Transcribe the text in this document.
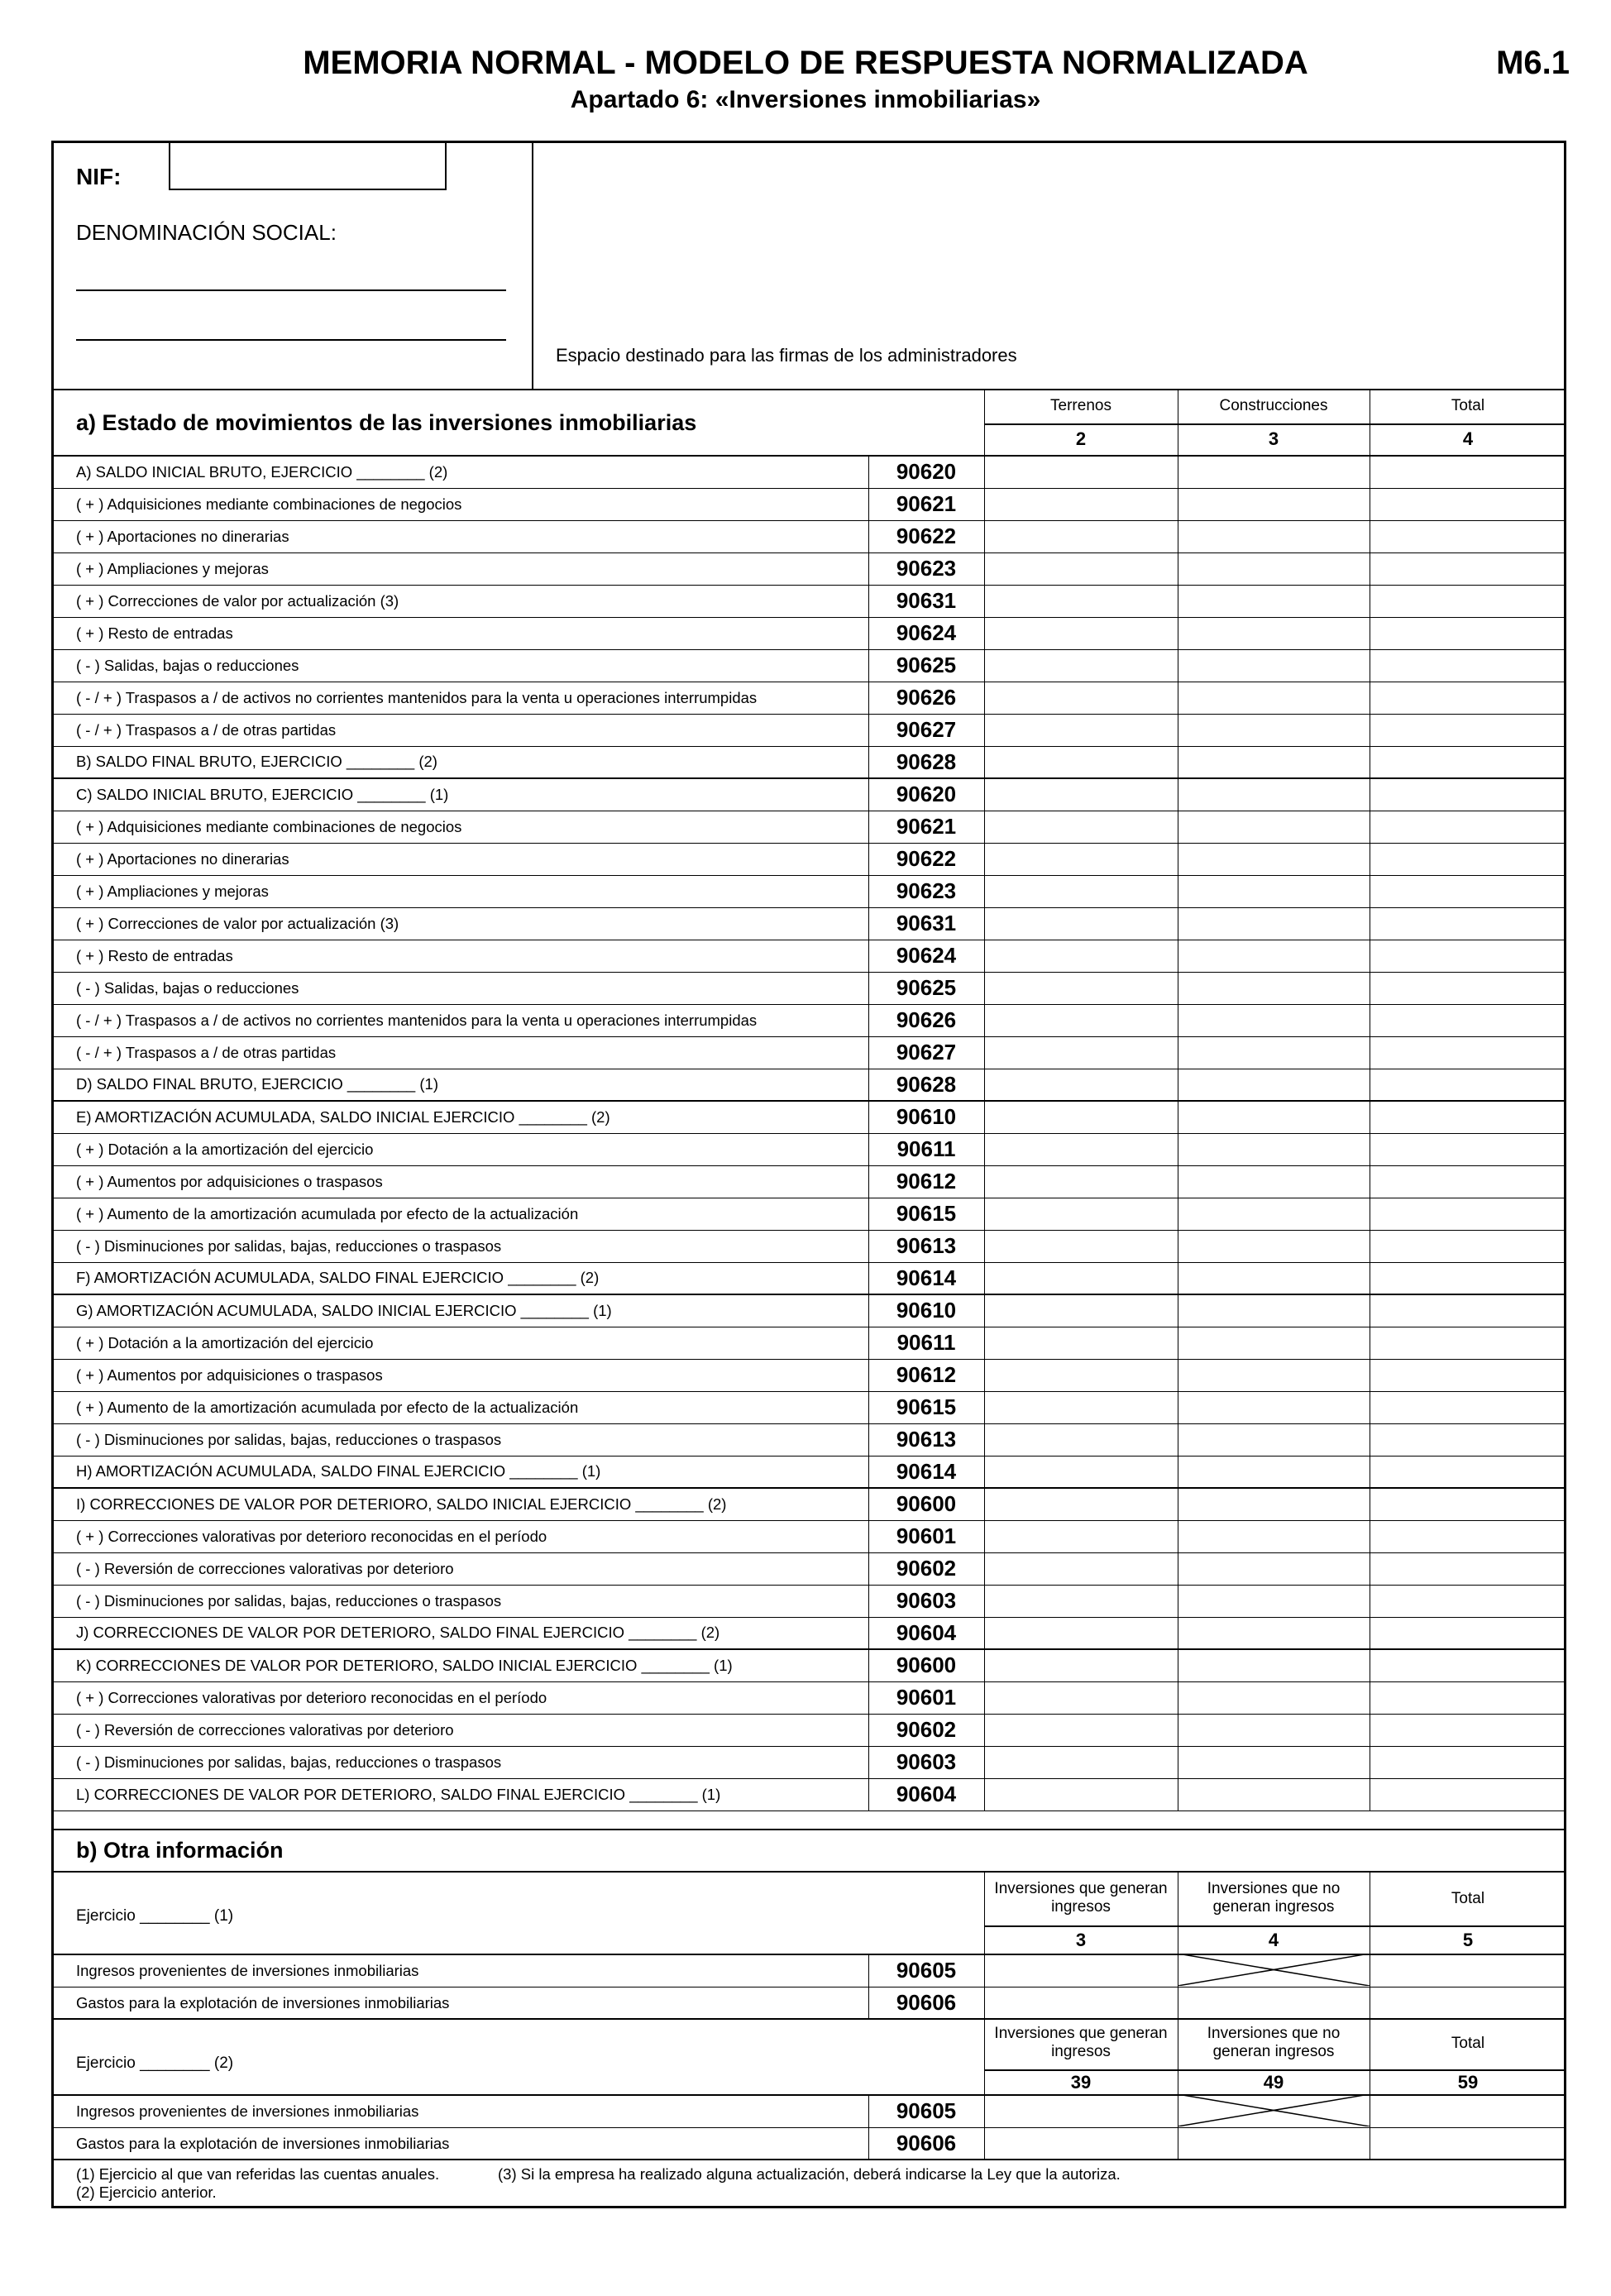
MEMORIA NORMAL - MODELO DE RESPUESTA NORMALIZADA
Apartado 6: «Inversiones inmobiliarias»
M6.1
NIF:
DENOMINACIÓN SOCIAL:
Espacio destinado para las firmas de los administradores
a) Estado de movimientos de las inversiones inmobiliarias
Terrenos	Construcciones	Total
2	3	4
A) SALDO INICIAL BRUTO, EJERCICIO ________ (2)	90620			
( + ) Adquisiciones mediante combinaciones de negocios	90621			
( + ) Aportaciones no dinerarias	90622			
( + ) Ampliaciones y mejoras	90623			
( + ) Correcciones de valor por actualización (3)	90631			
( + ) Resto de entradas	90624			
( - ) Salidas, bajas o reducciones	90625			
( - / + ) Traspasos a / de activos no corrientes mantenidos para la venta u operaciones interrumpidas	90626			
( - / + ) Traspasos a / de otras partidas	90627			
B) SALDO FINAL BRUTO, EJERCICIO ________ (2)	90628			
C) SALDO INICIAL BRUTO, EJERCICIO ________ (1)	90620			
( + ) Adquisiciones mediante combinaciones de negocios	90621			
( + ) Aportaciones no dinerarias	90622			
( + ) Ampliaciones y mejoras	90623			
( + ) Correcciones de valor por actualización (3)	90631			
( + ) Resto de entradas	90624			
( - ) Salidas, bajas o reducciones	90625			
( - / + ) Traspasos a / de activos no corrientes mantenidos para la venta u operaciones interrumpidas	90626			
( - / + ) Traspasos a / de otras partidas	90627			
D) SALDO FINAL BRUTO, EJERCICIO ________ (1)	90628			
E) AMORTIZACIÓN ACUMULADA, SALDO INICIAL EJERCICIO ________ (2)	90610			
( + ) Dotación a la amortización del ejercicio	90611			
( + ) Aumentos por adquisiciones o traspasos	90612			
( + ) Aumento de la amortización acumulada por efecto de la actualización	90615			
( - ) Disminuciones por salidas, bajas, reducciones o traspasos	90613			
F) AMORTIZACIÓN ACUMULADA, SALDO FINAL EJERCICIO ________ (2)	90614			
G) AMORTIZACIÓN ACUMULADA, SALDO INICIAL EJERCICIO ________ (1)	90610			
( + ) Dotación a la amortización del ejercicio	90611			
( + ) Aumentos por adquisiciones o traspasos	90612			
( + ) Aumento de la amortización acumulada por efecto de la actualización	90615			
( - ) Disminuciones por salidas, bajas, reducciones o traspasos	90613			
H) AMORTIZACIÓN ACUMULADA, SALDO FINAL EJERCICIO ________ (1)	90614			
I) CORRECCIONES DE VALOR POR DETERIORO, SALDO INICIAL EJERCICIO ________ (2)	90600			
( + ) Correcciones valorativas por deterioro reconocidas en el período	90601			
( - ) Reversión de correcciones valorativas por deterioro	90602			
( - ) Disminuciones por salidas, bajas, reducciones o traspasos	90603			
J) CORRECCIONES DE VALOR POR DETERIORO, SALDO FINAL EJERCICIO ________ (2)	90604			
K) CORRECCIONES DE VALOR POR DETERIORO, SALDO INICIAL EJERCICIO ________ (1)	90600			
( + ) Correcciones valorativas por deterioro reconocidas en el período	90601			
( - ) Reversión de correcciones valorativas por deterioro	90602			
( - ) Disminuciones por salidas, bajas, reducciones o traspasos	90603			
L) CORRECCIONES DE VALOR POR DETERIORO, SALDO FINAL EJERCICIO ________ (1)	90604			
b) Otra información
Ejercicio ________ (1)
Inversiones que generan ingresos
Inversiones que no generan ingresos	Total
3	4	5
Ingresos provenientes de inversiones inmobiliarias	90605			
Gastos para la explotación de inversiones inmobiliarias	90606			
Ejercicio ________ (2)
Inversiones que generan ingresos
Inversiones que no generan ingresos	Total
39	49	59
Ingresos provenientes de inversiones inmobiliarias	90605			
Gastos para la explotación de inversiones inmobiliarias	90606			
(1) Ejercicio al que van referidas las cuentas anuales.	(3) Si la empresa ha realizado alguna actualización, deberá indicarse la Ley que la autoriza.
(2) Ejercicio anterior.
